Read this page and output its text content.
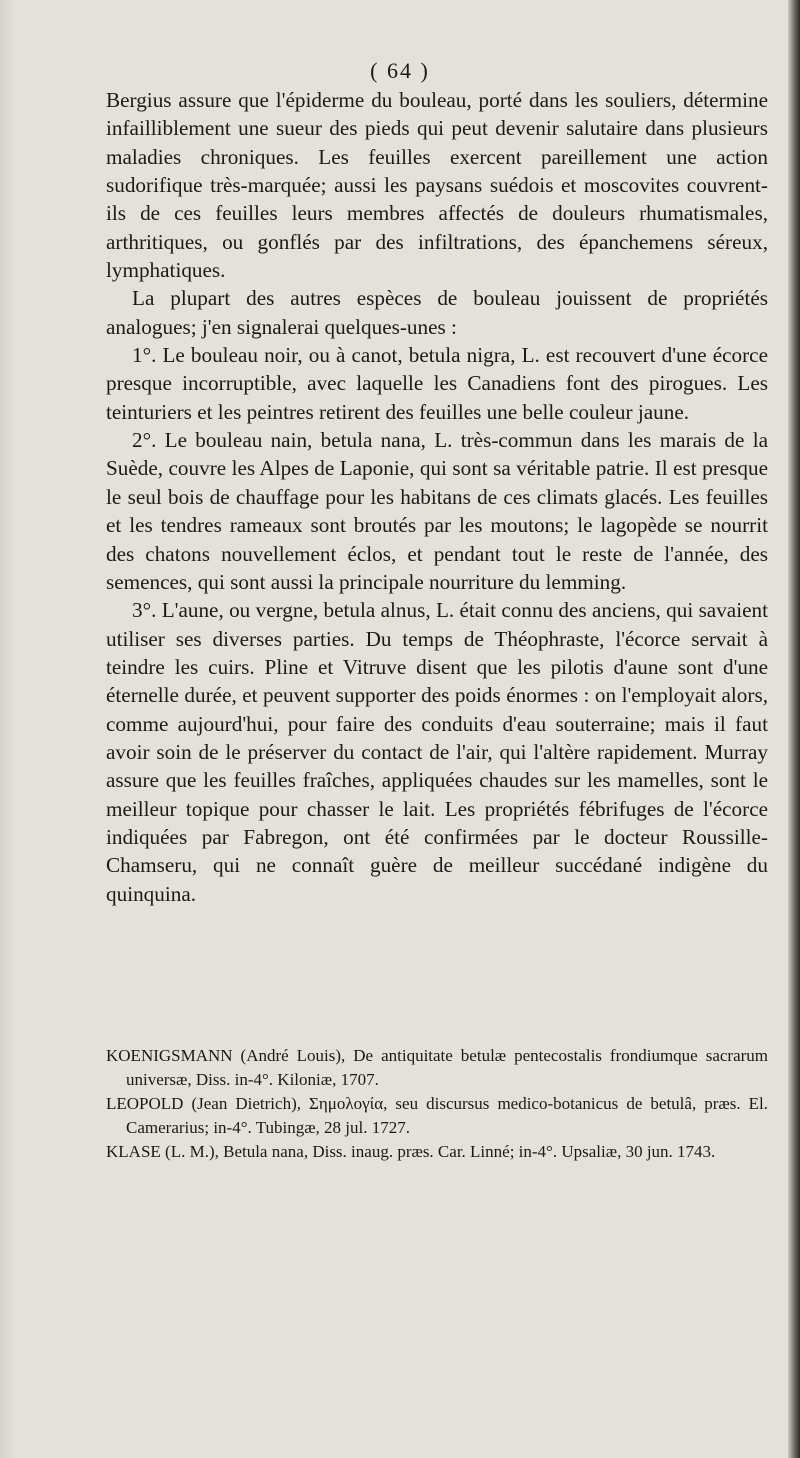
( 64 )

Bergius assure que l'épiderme du bouleau, porté dans les souliers, détermine infailliblement une sueur des pieds qui peut devenir salutaire dans plusieurs maladies chroniques. Les feuilles exercent pareillement une action sudorifique très-marquée; aussi les paysans suédois et moscovites couvrent-ils de ces feuilles leurs membres affectés de douleurs rhumatismales, arthritiques, ou gonflés par des infiltrations, des épanchemens séreux, lymphatiques.

La plupart des autres espèces de bouleau jouissent de propriétés analogues; j'en signalerai quelques-unes :

1°. Le bouleau noir, ou à canot, betula nigra, L. est recouvert d'une écorce presque incorruptible, avec laquelle les Canadiens font des pirogues. Les teinturiers et les peintres retirent des feuilles une belle couleur jaune.

2°. Le bouleau nain, betula nana, L. très-commun dans les marais de la Suède, couvre les Alpes de Laponie, qui sont sa véritable patrie. Il est presque le seul bois de chauffage pour les habitans de ces climats glacés. Les feuilles et les tendres rameaux sont broutés par les moutons; le lagopède se nourrit des chatons nouvellement éclos, et pendant tout le reste de l'année, des semences, qui sont aussi la principale nourriture du lemming.

3°. L'aune, ou vergne, betula alnus, L. était connu des anciens, qui savaient utiliser ses diverses parties. Du temps de Théophraste, l'écorce servait à teindre les cuirs. Pline et Vitruve disent que les pilotis d'aune sont d'une éternelle durée, et peuvent supporter des poids énormes : on l'employait alors, comme aujourd'hui, pour faire des conduits d'eau souterraine; mais il faut avoir soin de le préserver du contact de l'air, qui l'altère rapidement. Murray assure que les feuilles fraîches, appliquées chaudes sur les mamelles, sont le meilleur topique pour chasser le lait. Les propriétés fébrifuges de l'écorce indiquées par Fabregon, ont été confirmées par le docteur Roussille-Chamseru, qui ne connaît guère de meilleur succédané indigène du quinquina.

KOENIGSMANN (André Louis), De antiquitate betulæ pentecostalis frondiumque sacrarum universæ, Diss. in-4°. Kiloniæ, 1707.

LEOPOLD (Jean Dietrich), Σημολογία, seu discursus medico-botanicus de betulâ, præs. El. Camerarius; in-4°. Tubingæ, 28 jul. 1727.

KLASE (L. M.), Betula nana, Diss. inaug. præs. Car. Linné; in-4°. Upsaliæ, 30 jun. 1743.
